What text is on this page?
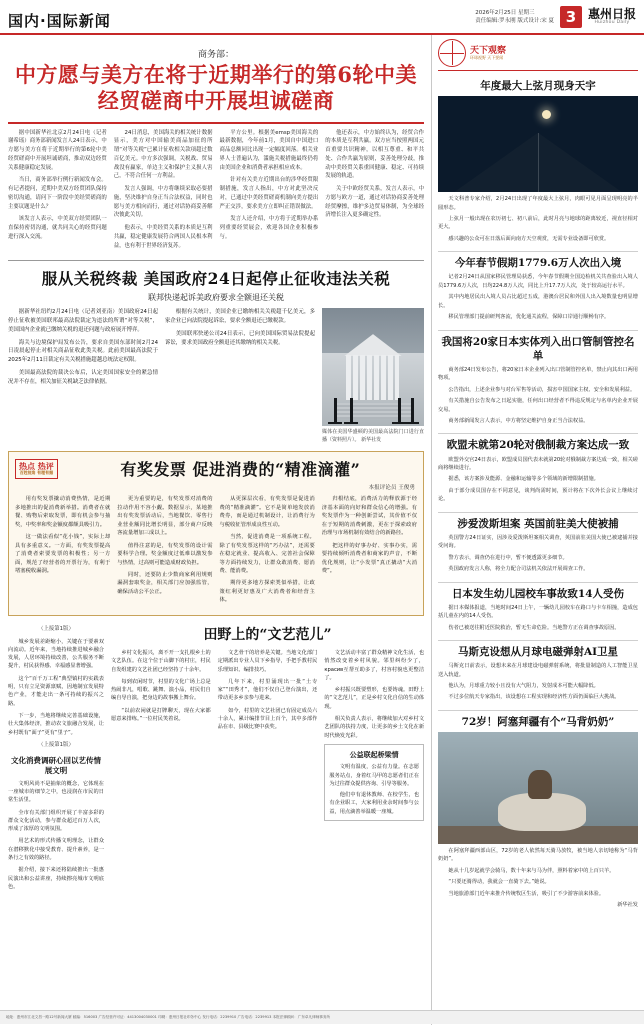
国内·国际新闻	2026年2月25日 星期三
责任编辑:罗永刚 版式设计:宋 夏 3 惠州日报
Huizhou Daily
商务部：
中方愿与美方在将于近期举行的第6轮中美经贸磋商中开展坦诚磋商

据中国新华社北京2月24日电（记者谢希瑶）商务部新闻发言人24日表示，中方愿与美方在将于近期举行的第6轮中美经贸磋商中开展坦诚磋商，推动双边经贸关系健康稳定发展。

当日，商务部举行例行新闻发布会。有记者提问，近期中美双方经贸团队保持密切沟通，请问下一阶段中美经贸磋商的主要议题是什么？

该发言人表示，中美双方经贸团队一直保持密切沟通，就共同关心的经贸问题进行深入交流。

24日消息，美国海关的相关统计数据显示，美方对中国输美商品加征的所谓“对等关税”已累计征收相关款项超过数百亿美元。中方多次强调，关税战、贸易战没有赢家，单边主义和保护主义损人害己，不符合任何一方利益。

发言人强调，中方将继续采取必要措施，坚决维护自身正当合法权益，同时也愿与美方相向而行，通过对话协商妥善解决彼此关切。

他表示，中美经贸关系的本质是互利共赢，稳定健康发展符合两国人民根本利益，也有利于世界经济复苏。

平方公里。根据美emsp美国海关的最新数据，今年前1月，美国自中国进口商品总额同比出现一定幅度回落。相关业界人士普遍认为，滥施关税措施最终仍将由美国企业和消费者承担相应成本。

针对有关美方近期出台的涉华经贸限制措施，发言人指出，中方对此坚决反对，已通过中美经贸磋商机制向美方提出严正交涉，要求美方立即纠正错误做法。

发言人还介绍，中方将于近期举办系列重要经贸展会，欢迎各国企业积极参与。

他还表示，中方始终认为，经贸合作的本质是互利共赢。双方应当按照两国元首重要共识精神，以相互尊重、和平共处、合作共赢为原则，妥善处理分歧，推动中美经贸关系重回健康、稳定、可持续发展的轨道。

关于中欧经贸关系，发言人表示，中方愿与欧方一道，通过对话协商妥善处理经贸摩擦，维护多边贸易体制，为全球经济增长注入更多确定性。

服从关税终裁 美国政府24日起停止征收违法关税
联邦快递起诉美政府要求全额退还关税

据新华社纽约2月24日电（记者刘亚南）美国政府24日起停止征收被美国联邦最高法院裁定为违法的所谓“对等关税”，美国国内企业就已缴纳关税的退还问题与政府展开博弈。

海关与边境保护局发布公告，要求自美国东部时间2月24日凌晨起停止对相关商品征收此类关税。此前美国最高法院于2025年2月11日裁定有关关税措施超越总统法定权限。

美国最高法院的裁决公布后，认定美国国家安全的紧急情况并不存在，相关加征关税缺乏法律依据。

根据有关统计，美国企业已缴纳相关关税超千亿美元，多家企业已向法院提起诉讼，要求全额退还已缴税款。

美国联邦快递公司24日表示，已向美国国际贸易法院提起诉讼，要求美国政府全额退还其缴纳的相关关税。

媒体在美国华盛顿的美国最高法院门口进行直播（资料照片）。 新华社发
热点 热评
百姓视角 有理有据	有奖发票 促进消费的“精准滴灌”
本报评论员 王俊勇

用有奖发票撬动消费热情，是近期多地推出的促消费新举措。消费者在就餐、购物后索取发票，即有机会参与抽奖，中奖率和奖金额度都颇具吸引力。

这一做法看似“花小钱”，实际上却具有多重意义。一方面，有奖发票提高了消费者索要发票的积极性；另一方面，规范了经营者的开票行为，有利于堵塞税收漏洞。

更为重要的是，有奖发票对消费的拉动作用不容小觑。数据显示，某地推出有奖发票活动后，当地餐饮、零售行业营业额同比增长明显，部分商户反映客流量增加三成以上。

值得注意的是，有奖发票的设计需要科学合理。奖金额度过低难以激发参与热情，过高则可能造成财政负担。

同时，还要防止少数商家利用规则漏洞套取奖金，相关部门应加强监管，确保活动公平公正。

从更深层次看，有奖发票是促进消费的“精准滴灌”。它不是简单地发放消费券，而是通过机制设计，让消费行为与税收征管形成良性互动。

当然，促进消费是一项系统工程。除了有奖发票这样的“巧办法”，还需要在稳定就业、提高收入、完善社会保障等方面持续发力，让群众敢消费、愿消费、能消费。

期待更多地方探索类似举措，让政策红利更好惠及广大消费者和经营主体。

归根结底，消费活力的释放源于经济基本面的向好和群众信心的增强。有奖发票作为一种创新尝试，其价值不仅在于短期的消费刺激，更在于探索政府治理与市场机制有效结合的新路径。

把这样的好事办好、实事办实，需要持续倾听消费者和商家的声音，不断优化规则，让“小发票”真正撬动“大消费”。

（上接第1版）

城乡发展差距缩小，关键在于要素双向流动。近年来，当地持续推进城乡融合发展，人居环境持续改善，公共服务不断提升，村民获得感、幸福感显著增强。

这个“百千万工程”典型镇村的实践表明，只有立足资源禀赋，因地制宜发展特色产业，才能走出一条可持续的振兴之路。

下一步，当地将继续完善基础设施，壮大集体经济，推动农文旅融合发展，让乡村既有“面子”更有“里子”。

（上接第1版）
文化消费调研心回以艺传情展文明

文明风尚不是抽象的概念，它体现在一座城市的细节之中，也浸润在市民的日常生活里。

全市有关部门组织开展了丰富多彩的群众文化活动，参与群众超过百万人次，形成了浓厚的文明氛围。

用艺术的形式传播文明理念，让群众在潜移默化中接受教育、提升素养，是一条行之有效的路径。

据介绍，接下来还将陆续推出一批惠民演出和公益讲座，持续擦亮城市文明底色。

田野上的“文艺范儿”

乡村文化振兴，离不开一支扎根乡土的文艺队伍。在这个位于山脚下的村庄，村民自发组建的文艺社团已经坚持了十余年。

每到农闲时节，村里的文化广场上总是热闹非凡，唱歌、跳舞、演小品，村民们自编自导自演，把身边的故事搬上舞台。

“以前农闲就是打牌聊天，现在大家都愿意来排练。”一位村民笑着说。

文艺骨干的培养是关键。当地文化部门定期派出专业人员下乡指导，手把手教村民乐理知识、编排技巧。

几年下来，村里涌现出一批“土专家”“田秀才”，他们不仅自己登台演出，还带动更多乡亲参与进来。

如今，村里的文艺社团已有固定成员六十余人，累计编排节目上百个，其中多部作品在市、县级比赛中获奖。

文艺活动丰富了群众精神文化生活，也悄然改变着乡村风貌。邻里纠纷少了，красив互帮互助多了，村容村貌也更整洁了。

乡村振兴既要塑形，也要铸魂。田野上的“文艺范儿”，正是乡村文化自信的生动体现。

相关负责人表示，将继续加大对乡村文艺团队的扶持力度，让更多的乡土文化在新时代焕发光彩。

公益联起桥梁情

文明有温度，公益有力量。在志愿服务站点，身着红马甲的志愿者们正在为过往群众提供咨询、引导等服务。

他们中有退休教师、在校学生，也有企业职工，大家利用业余时间参与公益，用点滴善举温暖一座城。

天下观察
环球视野 天下要闻
年度最大上弦月现身天宇

天文科普专家介绍，2月24日出现了年度最大上弦月，肉眼可见月面呈现明亮的半圆形态。

上弦月一般出现在农历初七、初八前后，此时月亮与地球的距离较近，视直径相对更大。

感兴趣的公众可在日落后面向南方天空观赏，无需专业设备即可欣赏。

今年春节假期1779.6万人次出入境

记者2月24日从国家移民管理局获悉，今年春节假期全国边检机关共查验出入境人员1779.6万人次，日均224.8万人次，同比上升17.7万人次，处于较高运行水平。

其中内地居民出入境人员占比超过五成，港澳台居民和外国人出入境数量也明显增长。

移民管理部门提前研判客流，优化通关流程，保障口岸通行顺畅有序。

我国将20家日本实体列入出口管制管控名单

商务部24日发布公告，将20家日本企业列入出口管制管控名单，禁止向其出口两用物项。

公告指出，上述企业参与对台军售等活动，损害中国国家主权、安全和发展利益。

有关措施自公告发布之日起实施，任何出口经营者不得违反规定与名单内企业开展交易。

商务部新闻发言人表示，中方将坚定维护自身正当合法权益。

欧盟未就第20轮对俄制裁方案达成一致

欧盟外交官24日表示，欧盟成员国代表未就第20轮对俄制裁方案达成一致，相关磋商将继续进行。

据悉，该方案涉及能源、金融和运输等多个领域的新增限制措施。

由于部分成员国存在不同意见，谈判尚需时间，预计将在下次外长会议上继续讨论。

涉爱泼斯坦案 英国前驻美大使被捕

英国警方24日证实，因涉及爱泼斯坦案相关调查，英国前驻美国大使已被逮捕并接受问询。

警方表示，调查仍在进行中，暂不便透露更多细节。

英国政府发言人称，将全力配合司法机关依法开展调查工作。

日本发生幼儿园校车事故致14人受伤

据日本媒体报道，当地时间24日上午，一辆幼儿园校车在路口与卡车相撞，造成包括儿童在内的14人受伤。

伤者已被送往附近医院救治，暂无生命危险。当地警方正在调查事故原因。

马斯克设想从月球电磁弹射AI卫星

马斯克日前表示，设想未来在月球建设电磁弹射系统，将批量制造的人工智能卫星送入轨道。

他认为，月球重力较小且没有大气阻力，发射成本可能大幅降低。

不过多位航天专家指出，该设想在工程实现和经济性方面仍面临巨大挑战。

72岁！阿塞拜疆有个“马背奶奶”

在阿塞拜疆西部山区，72岁的老人依然每天骑马放牧，被当地人亲切地称为“马背奶奶”。

她从十几岁起就学会骑马，数十年来与马为伴，照料着家中的上百只羊。

“只要还骑得动，我就会一直骑下去。”她说。

当地旅游部门近年来推介传统牧区生活，吸引了不少游客前来体验。

新华社发

地址：惠州市江北文昌一路12号新闻大厦 邮编：516003 广告经营许可证：4413004030001 印刷：惠州日报社印务中心 发行电话：2239910 广告电话：2239913 本报法律顾问：广东卓凡律师事务所
